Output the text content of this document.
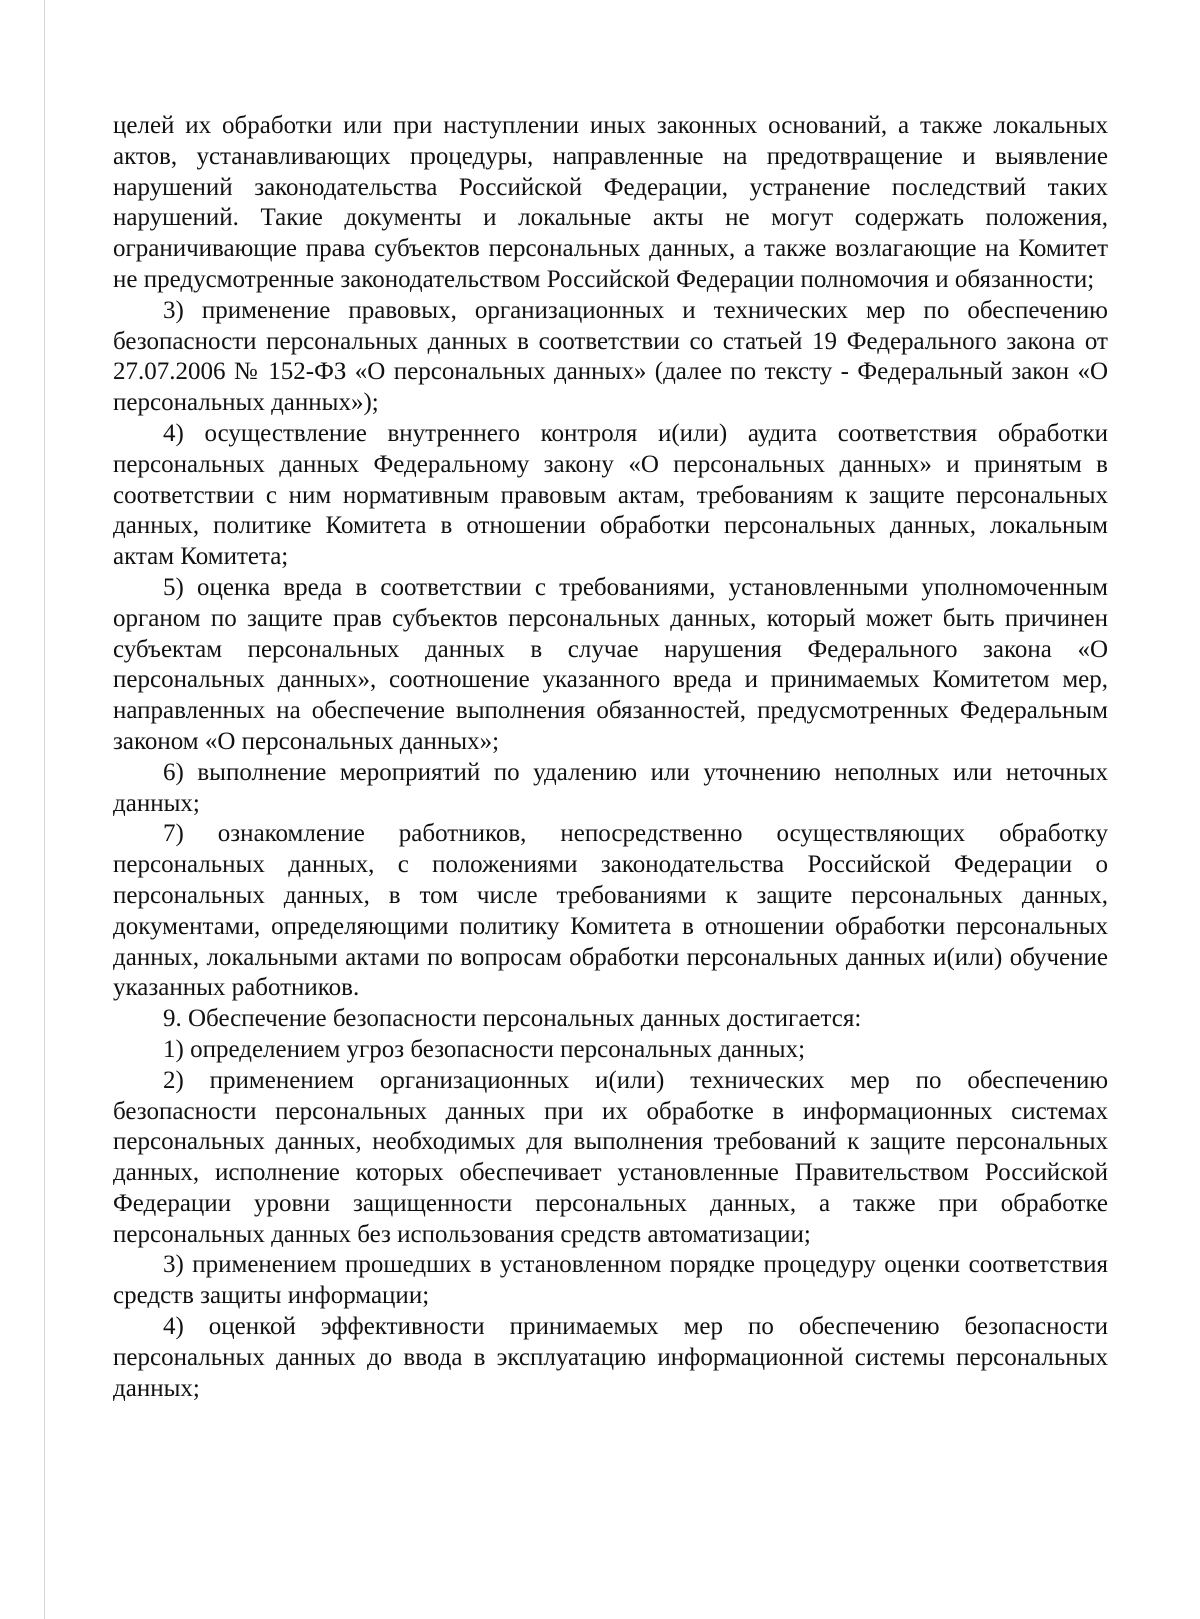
целей их обработки или при наступлении иных законных оснований, а также локальных актов, устанавливающих процедуры, направленные на предотвращение и выявление нарушений законодательства Российской Федерации, устранение последствий таких нарушений. Такие документы и локальные акты не могут содержать положения, ограничивающие права субъектов персональных данных, а также возлагающие на Комитет не предусмотренные законодательством Российской Федерации полномочия и обязанности;

3) применение правовых, организационных и технических мер по обеспечению безопасности персональных данных в соответствии со статьей 19 Федерального закона от 27.07.2006 № 152-ФЗ «О персональных данных» (далее по тексту - Федеральный закон «О персональных данных»);

4) осуществление внутреннего контроля и(или) аудита соответствия обработки персональных данных Федеральному закону «О персональных данных» и принятым в соответствии с ним нормативным правовым актам, требованиям к защите персональных данных, политике Комитета в отношении обработки персональных данных, локальным актам Комитета;

5) оценка вреда в соответствии с требованиями, установленными уполномоченным органом по защите прав субъектов персональных данных, который может быть причинен субъектам персональных данных в случае нарушения Федерального закона «О персональных данных», соотношение указанного вреда и принимаемых Комитетом мер, направленных на обеспечение выполнения обязанностей, предусмотренных Федеральным законом «О персональных данных»;

6) выполнение мероприятий по удалению или уточнению неполных или неточных данных;

7) ознакомление работников, непосредственно осуществляющих обработку персональных данных, с положениями законодательства Российской Федерации о персональных данных, в том числе требованиями к защите персональных данных, документами, определяющими политику Комитета в отношении обработки персональных данных, локальными актами по вопросам обработки персональных данных и(или) обучение указанных работников.

9. Обеспечение безопасности персональных данных достигается:

1) определением угроз безопасности персональных данных;

2) применением организационных и(или) технических мер по обеспечению безопасности персональных данных при их обработке в информационных системах персональных данных, необходимых для выполнения требований к защите персональных данных, исполнение которых обеспечивает установленные Правительством Российской Федерации уровни защищенности персональных данных, а также при обработке персональных данных без использования средств автоматизации;

3) применением прошедших в установленном порядке процедуру оценки соответствия средств защиты информации;

4) оценкой эффективности принимаемых мер по обеспечению безопасности персональных данных до ввода в эксплуатацию информационной системы персональных данных;
